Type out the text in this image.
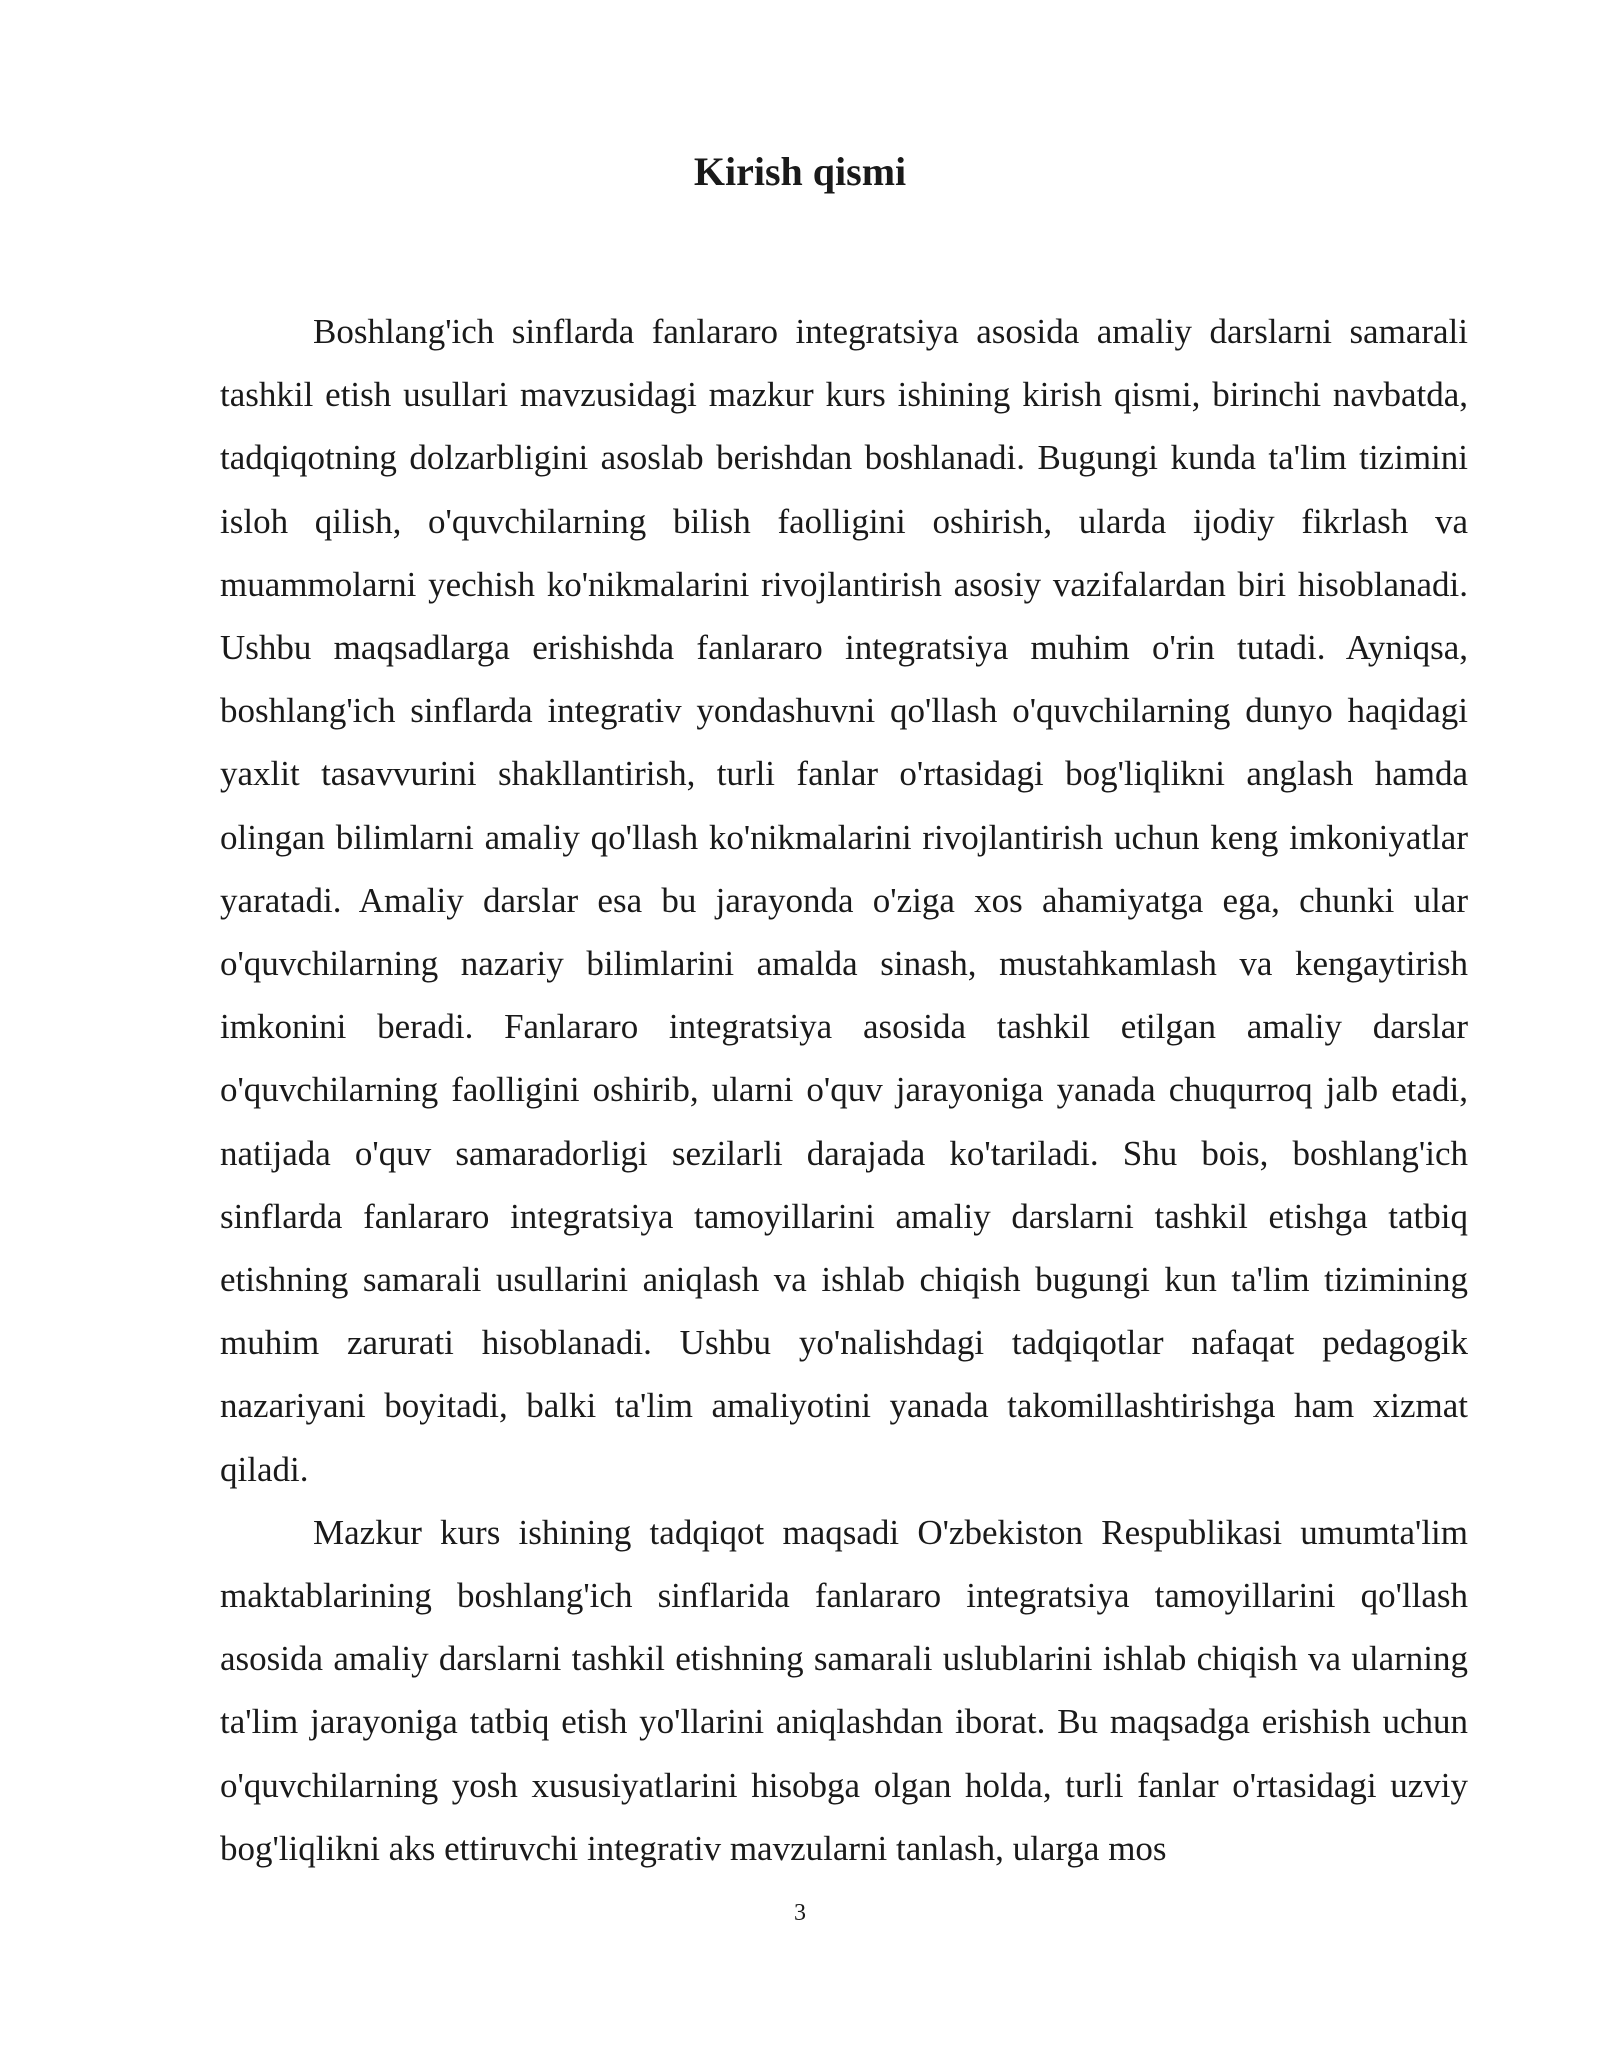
Kirish qismi

Boshlang'ich sinflarda fanlararo integratsiya asosida amaliy darslarni samarali tashkil etish usullari mavzusidagi mazkur kurs ishining kirish qismi, birinchi navbatda, tadqiqotning dolzarbligini asoslab berishdan boshlanadi. Bugungi kunda ta'lim tizimini isloh qilish, o'quvchilarning bilish faolligini oshirish, ularda ijodiy fikrlash va muammolarni yechish ko'nikmalarini rivojlantirish asosiy vazifalardan biri hisoblanadi. Ushbu maqsadlarga erishishda fanlararo integratsiya muhim o'rin tutadi. Ayniqsa, boshlang'ich sinflarda integrativ yondashuvni qo'llash o'quvchilarning dunyo haqidagi yaxlit tasavvurini shakllantirish, turli fanlar o'rtasidagi bog'liqlikni anglash hamda olingan bilimlarni amaliy qo'llash ko'nikmalarini rivojlantirish uchun keng imkoniyatlar yaratadi. Amaliy darslar esa bu jarayonda o'ziga xos ahamiyatga ega, chunki ular o'quvchilarning nazariy bilimlarini amalda sinash, mustahkamlash va kengaytirish imkonini beradi. Fanlararo integratsiya asosida tashkil etilgan amaliy darslar o'quvchilarning faolligini oshirib, ularni o'quv jarayoniga yanada chuqurroq jalb etadi, natijada o'quv samaradorligi sezilarli darajada ko'tariladi. Shu bois, boshlang'ich sinflarda fanlararo integratsiya tamoyillarini amaliy darslarni tashkil etishga tatbiq etishning samarali usullarini aniqlash va ishlab chiqish bugungi kun ta'lim tizimining muhim zarurati hisoblanadi. Ushbu yo'nalishdagi tadqiqotlar nafaqat pedagogik nazariyani boyitadi, balki ta'lim amaliyotini yanada takomillashtirishga ham xizmat qiladi.

Mazkur kurs ishining tadqiqot maqsadi O'zbekiston Respublikasi umumta'lim maktablarining boshlang'ich sinflarida fanlararo integratsiya tamoyillarini qo'llash asosida amaliy darslarni tashkil etishning samarali uslublarini ishlab chiqish va ularning ta'lim jarayoniga tatbiq etish yo'llarini aniqlashdan iborat. Bu maqsadga erishish uchun o'quvchilarning yosh xususiyatlarini hisobga olgan holda, turli fanlar o'rtasidagi uzviy bog'liqlikni aks ettiruvchi integrativ mavzularni tanlash, ularga mos

3
